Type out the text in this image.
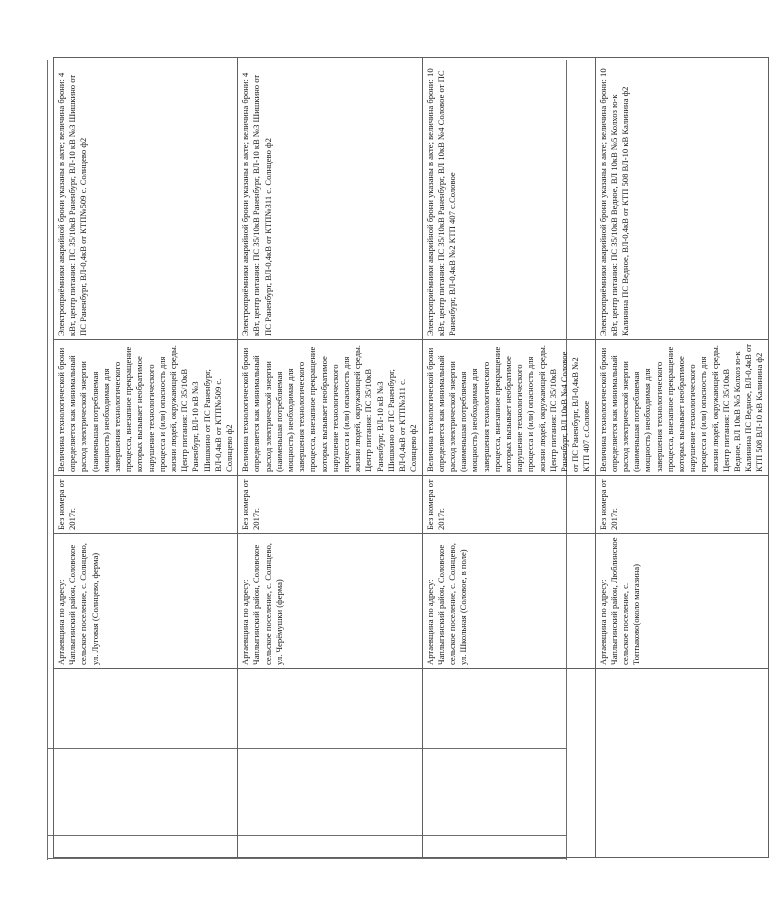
	Артаевщина по адресу: Чаплыгинский район, Соловское сельское поселение, с. Солнцево, ул. Луговая (Солнцево, ферма)	Без номера от 2017г.	Величина технологической брони определяется как минимальный расход электрической энергии (наименьшая потребляемая мощность) необходимая для завершения технологического процесса, внезапное прекращение которых вызывает необратимое нарушение технологического процесса и (или) опасность для жизни людей, окружающей среды. Центр питания: ПС 35/10кВ Раненбург, ВЛ-10 кВ №3 Шишкино от ПС Раненбург, ВЛ-0,4кВ от КТП№509 с. Солнцево ф2	Электроприёмники аварийной брони указаны в акте; величина брони: 4 кВт, центр питания: ПС 35/10кВ Раненбург, ВЛ-10 кВ №3 Шишкино от ПС Раненбург, ВЛ-0,4кВ от КТП№509 с. Солнцево ф2
	Артаевщина по адресу: Чаплыгинский район, Соловское сельское поселение, с. Солнцево, ул. Черёмушки (ферма)	Без номера от 2017г.	Величина технологической брони определяется как минимальный расход электрической энергии (наименьшая потребляемая мощность) необходимая для завершения технологического процесса, внезапное прекращение которых вызывает необратимое нарушение технологического процесса и (или) опасность для жизни людей, окружающей среды. Центр питания: ПС 35/10кВ Раненбург, ВЛ-10 кВ №3 Шишкино от ПС Раненбург, ВЛ-0,4кВ от КТП№311 с. Солнцево ф2	Электроприёмники аварийной брони указаны в акте; величина брони: 4 кВт, центр питания: ПС 35/10кВ Раненбург, ВЛ-10 кВ №3 Шишкино от ПС Раненбург, ВЛ-0,4кВ от КТП№311 с. Солнцево ф2
	Артаевщина по адресу: Чаплыгинский район, Соловское сельское поселение, с. Солнцево, ул. Школьная (Соловое, в поле)	Без номера от 2017г.	Величина технологической брони определяется как минимальный расход электрической энергии (наименьшая потребляемая мощность) необходимая для завершения технологического процесса, внезапное прекращение которых вызывает необратимое нарушение технологического процесса и (или) опасность для жизни людей, окружающей среды. Центр питания: ПС 35/10кВ Раненбург, ВЛ 10кВ №4 Соловое от ПС Раненбург, ВЛ-0,4кВ №2 КТП 407 с.Соловое	Электроприёмники аварийной брони указаны в акте; величина брони: 10 кВт, центр питания: ПС 35/10кВ Раненбург, ВЛ 10кВ №4 Соловое от ПС Раненбург, ВЛ-0,4кВ №2 КТП 407 с.Соловое
	Артаевщина по адресу: Чаплыгинский район, Люблинское сельское поселение, с. Топтыково(около магазина)	Без номера от 2017г.	Величина технологической брони определяется как минимальный расход электрической энергии (наименьшая потребляемая мощность) необходимая для завершения технологического процесса, внезапное прекращение которых вызывает необратимое нарушение технологического процесса и (или) опасность для жизни людей, окружающей среды. Центр питания: ПС 35/10кВ Ведное, ВЛ 10кВ №5 Колхоз ю-к Калинина ПС Ведное, ВЛ-0,4кВ от КТП 508 ВЛ-10 кВ Калинина ф2	Электроприёмники аварийной брони указаны в акте; величина брони: 10 кВт, центр питания: ПС 35/10кВ Ведное, ВЛ 10кВ №5 Колхоз ю-к Калинина ПС Ведное, ВЛ-0,4кВ от КТП 508 ВЛ-10 кВ Калинина ф2
